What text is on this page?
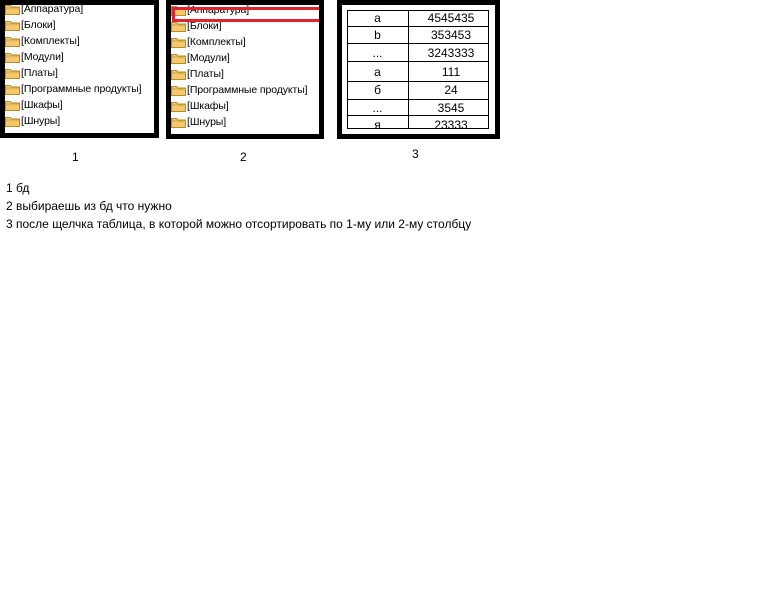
[Аппаратура]
[Блоки]
[Комплекты]
[Модули]
[Платы]
[Программные продукты]
[Шкафы]
[Шнуры]
1
[Аппаратура]
[Блоки]
[Комплекты]
[Модули]
[Платы]
[Программные продукты]
[Шкафы]
[Шнуры]
2
а	4545435
b	353453
...	3243333
а	111
б	24
...	3545
я	23333
3
1 бд
2 выбираешь из бд что нужно
3 после щелчка таблица, в которой можно отсортировать по 1-му или 2-му столбцу
